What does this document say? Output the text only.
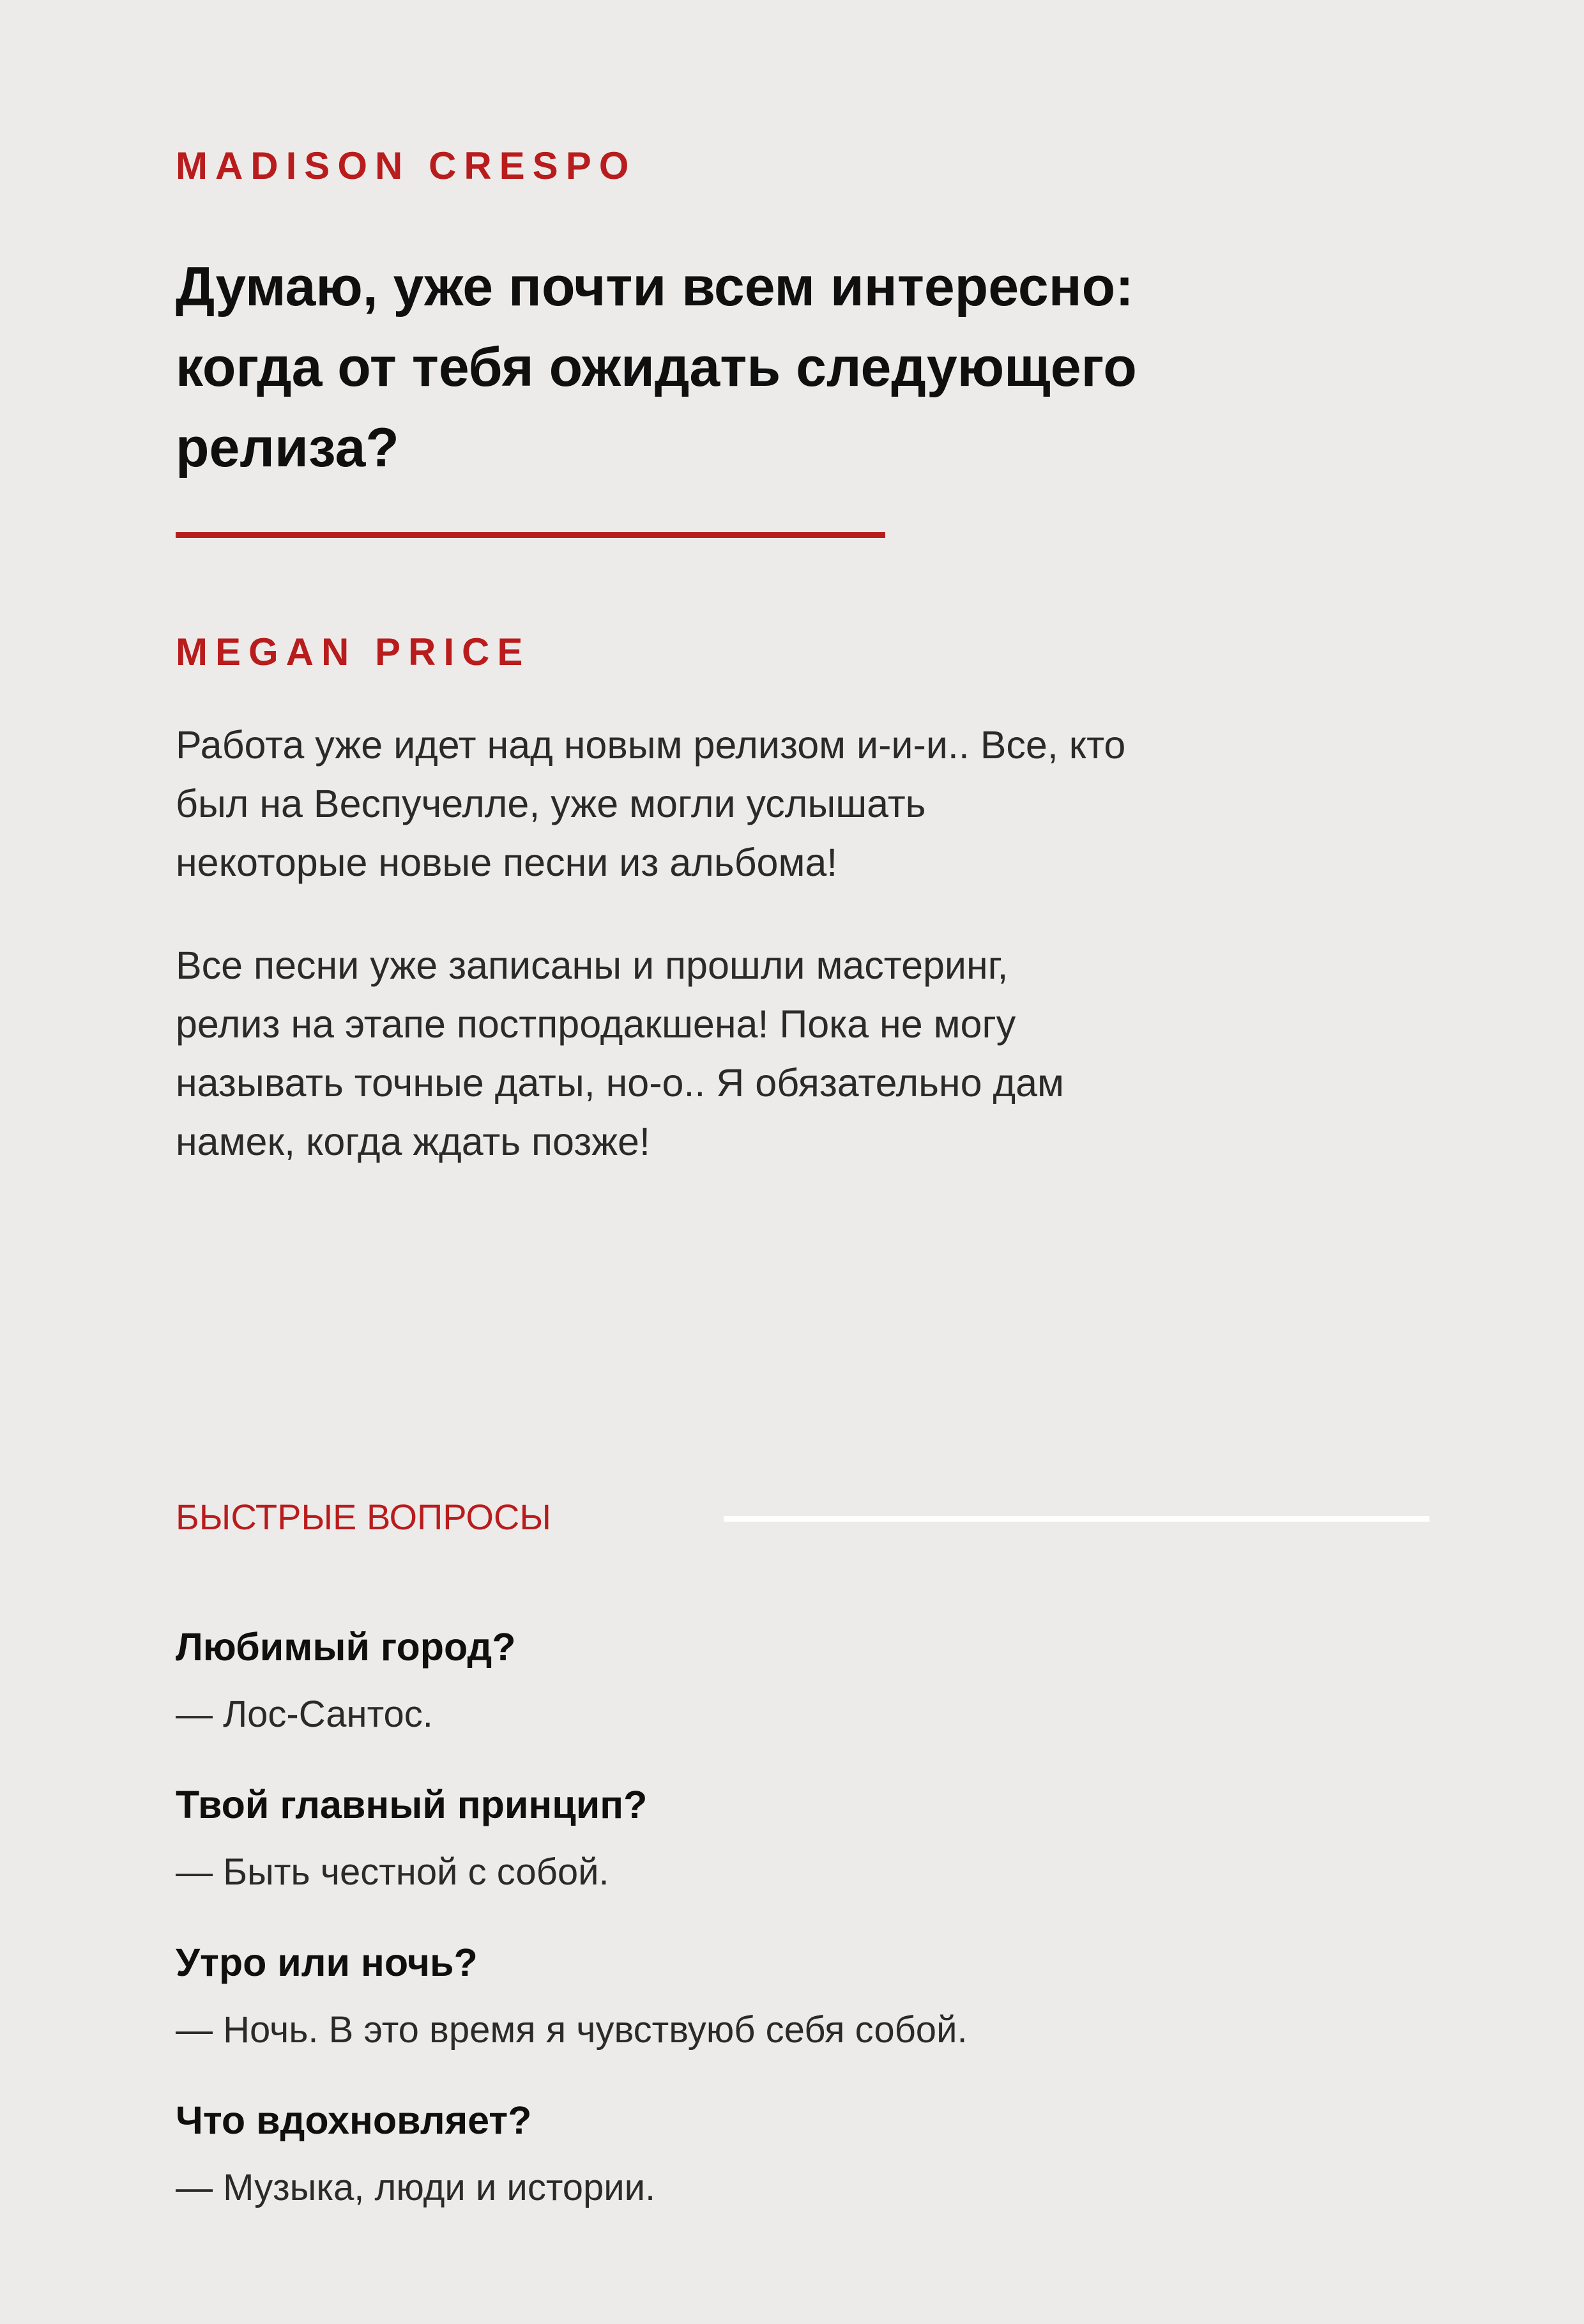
MADISON CRESPO
Думаю, уже почти всем интересно:
когда от тебя ожидать следующего
релиза?
MEGAN PRICE
Работа уже идет над новым релизом и-и-и.. Все, кто
был на Веспучелле, уже могли услышать
некоторые новые песни из альбома!
Все песни уже записаны и прошли мастеринг,
релиз на этапе постпродакшена! Пока не могу
называть точные даты, но-о.. Я обязательно дам
намек, когда ждать позже!
БЫСТРЫЕ ВОПРОСЫ
Любимый город?
— Лос-Сантос.
Твой главный принцип?
— Быть честной с собой.
Утро или ночь?
— Ночь. В это время я чувствуюб себя собой.
Что вдохновляет?
— Музыка, люди и истории.
